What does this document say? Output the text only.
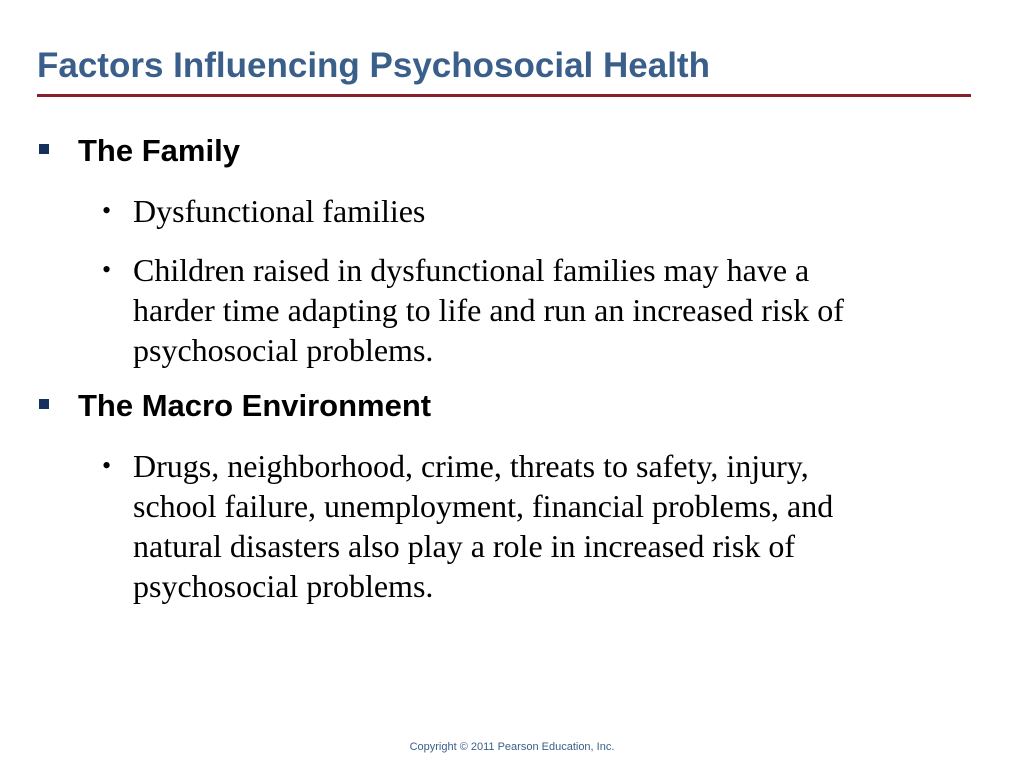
Factors Influencing Psychosocial Health
The Family
• Dysfunctional families
• Children raised in dysfunctional families may have a
harder time adapting to life and run an increased risk of
psychosocial problems.
The Macro Environment
• Drugs, neighborhood, crime, threats to safety, injury,
school failure, unemployment, financial problems, and
natural disasters also play a role in increased risk of
psychosocial problems.
Copyright © 2011 Pearson Education, Inc.
